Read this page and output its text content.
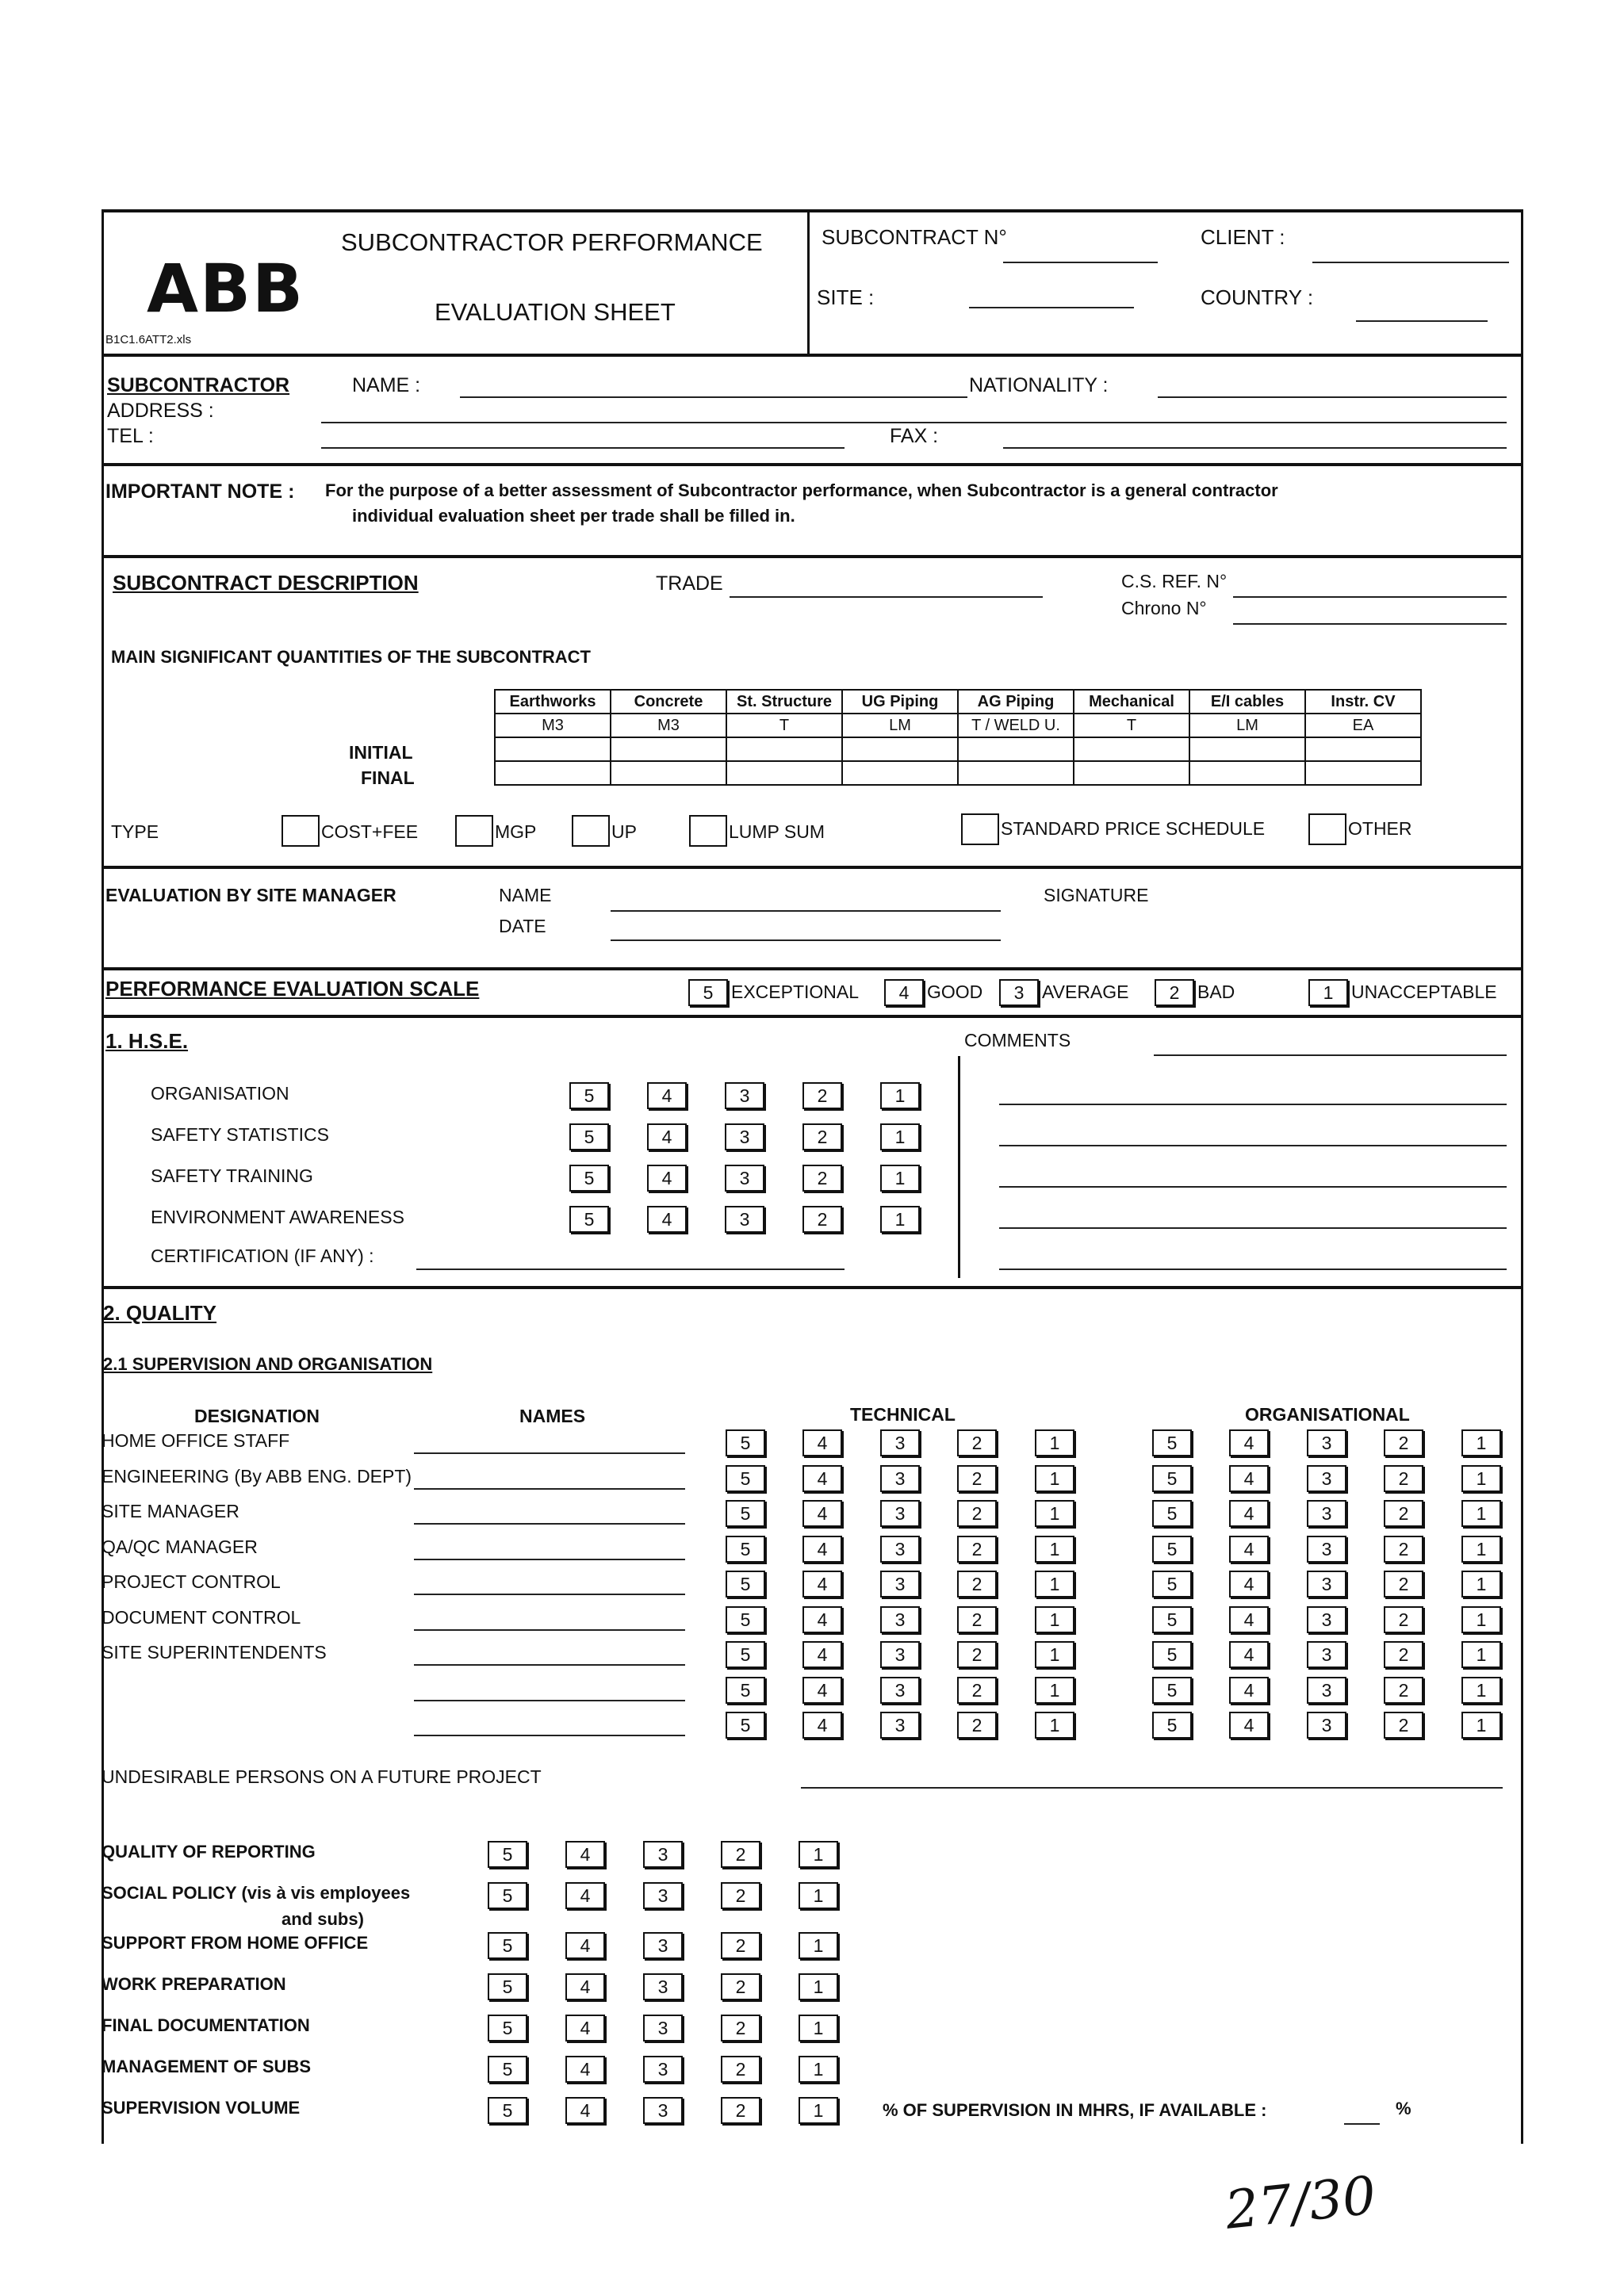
ABB
B1C1.6ATT2.xls
SUBCONTRACTOR PERFORMANCE
EVALUATION SHEET
SUBCONTRACT N°	CLIENT :
SITE :	COUNTRY :
SUBCONTRACTOR	NAME :	NATIONALITY :
ADDRESS :
TEL :	FAX :
IMPORTANT NOTE : For the purpose of a better assessment of Subcontractor performance, when Subcontractor is a general contractor
individual evaluation sheet per trade shall be filled in.
SUBCONTRACT DESCRIPTION	TRADE	C.S. REF. N°
Chrono N°
MAIN SIGNIFICANT QUANTITIES OF THE SUBCONTRACT
Earthworks	Concrete	St. Structure	UG Piping	AG Piping	Mechanical	E/I cables	Instr. CV
M3	M3	T	LM	T / WELD U.	T	LM	EA

INITIAL
FINAL
TYPE	COST+FEE	MGP	UP	LUMP SUM	STANDARD PRICE SCHEDULE	OTHER
EVALUATION BY SITE MANAGER	NAME
DATE
SIGNATURE
PERFORMANCE EVALUATION SCALE	5 EXCEPTIONAL	4 GOOD	3 AVERAGE	2 BAD	1 UNACCEPTABLE
1. H.S.E.	COMMENTS
ORGANISATION	5	4	3	2	1
SAFETY STATISTICS	5	4	3	2	1
SAFETY TRAINING	5	4	3	2	1
ENVIRONMENT AWARENESS	5	4	3	2	1
CERTIFICATION (IF ANY) :
2. QUALITY
2.1 SUPERVISION AND ORGANISATION
DESIGNATION	NAMES	TECHNICAL	ORGANISATIONAL
HOME OFFICE STAFF	5	4	3	2	1	5	4	3	2	1
ENGINEERING (By ABB ENG. DEPT)	5	4	3	2	1	5	4	3	2	1
SITE MANAGER	5	4	3	2	1	5	4	3	2	1
QA/QC MANAGER	5	4	3	2	1	5	4	3	2	1
PROJECT CONTROL	5	4	3	2	1	5	4	3	2	1
DOCUMENT CONTROL	5	4	3	2	1	5	4	3	2	1
SITE SUPERINTENDENTS	5	4	3	2	1	5	4	3	2	1
5	4	3	2	1	5	4	3	2	1
5	4	3	2	1	5	4	3	2	1
UNDESIRABLE PERSONS ON A FUTURE PROJECT
QUALITY OF REPORTING	5	4	3	2	1
SOCIAL POLICY (vis à vis employees	5	4	3	2	1
SUPPORT FROM HOME OFFICE	5	4	3	2	1
WORK PREPARATION	5	4	3	2	1
FINAL DOCUMENTATION	5	4	3	2	1
MANAGEMENT OF SUBS	5	4	3	2	1
SUPERVISION VOLUME	5	4	3	2	1
and subs)
% OF SUPERVISION IN MHRS, IF AVAILABLE :	%
27/30
